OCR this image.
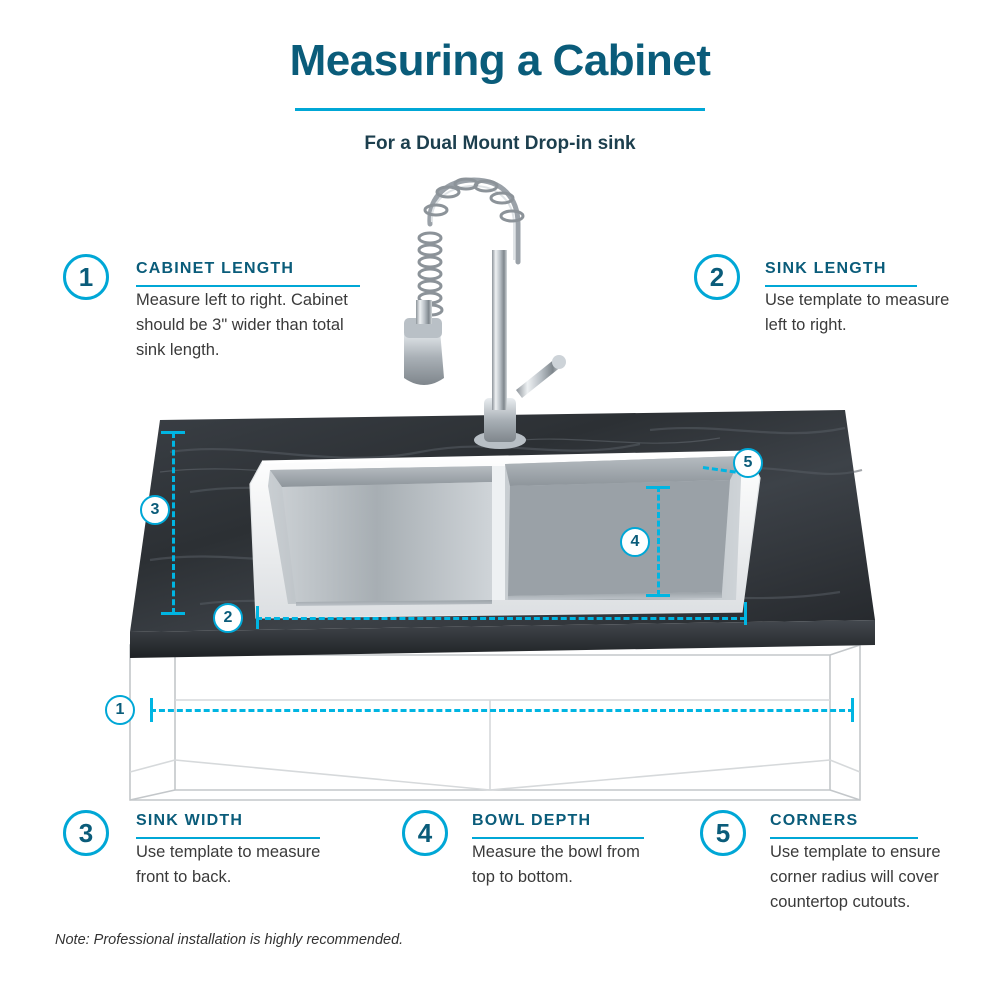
Measuring a Cabinet
For a Dual Mount Drop-in sink
1
2
3
4
5
1	CABINET LENGTH
Measure left to right. Cabinet should be 3" wider than total sink length.
2	SINK LENGTH
Use template to measure left to right.
3	SINK WIDTH
Use template to measure front to back.
4	BOWL DEPTH
Measure the bowl from top to bottom.
5	CORNERS
Use template to ensure corner radius will cover countertop cutouts.
Note: Professional installation is highly recommended.
